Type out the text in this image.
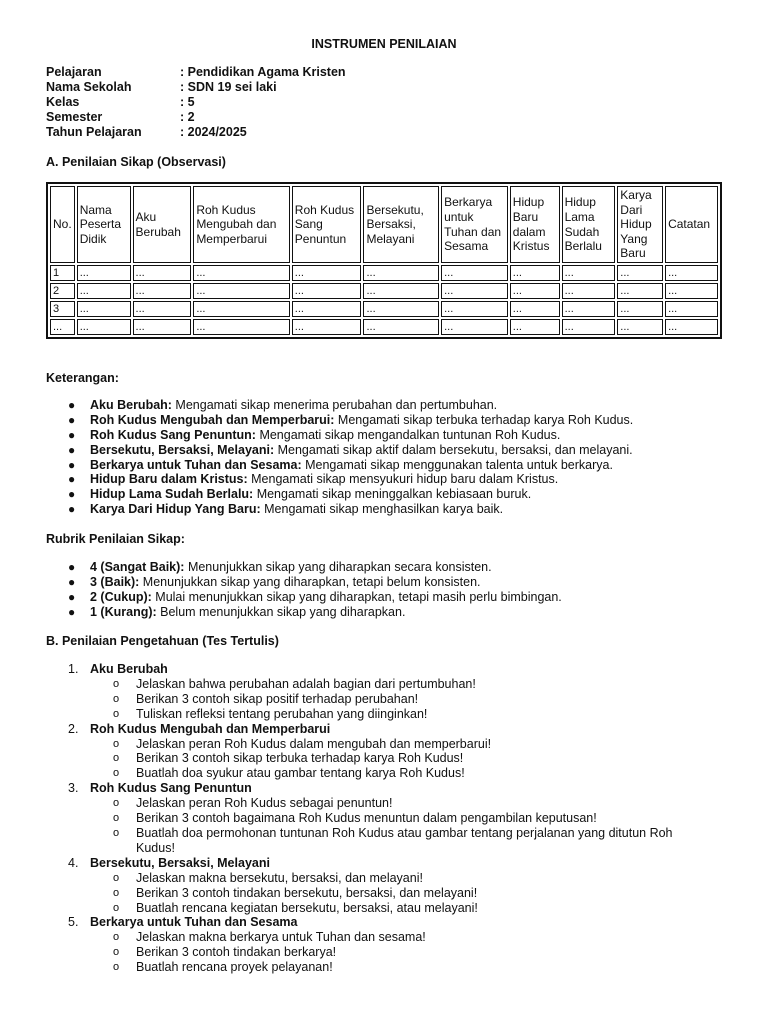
INSTRUMEN PENILAIAN
Pelajaran	: Pendidikan Agama Kristen
Nama Sekolah	: SDN 19 sei laki
Kelas	: 5
Semester	: 2
Tahun Pelajaran	: 2024/2025
A. Penilaian Sikap (Observasi)
No.	Nama Peserta Didik	Aku Berubah	Roh Kudus Mengubah dan Memperbarui	Roh Kudus Sang Penuntun	Bersekutu, Bersaksi, Melayani	Berkarya untuk Tuhan dan Sesama	Hidup Baru dalam Kristus	Hidup Lama Sudah Berlalu	Karya Dari Hidup Yang Baru	Catatan
1	...	...	...	...	...	...	...	...	...	...
2	...	...	...	...	...	...	...	...	...	...
3	...	...	...	...	...	...	...	...	...	...
...	...	...	...	...	...	...	...	...	...	...
Keterangan:
● Aku Berubah: Mengamati sikap menerima perubahan dan pertumbuhan.
● Roh Kudus Mengubah dan Memperbarui: Mengamati sikap terbuka terhadap karya Roh Kudus.
● Roh Kudus Sang Penuntun: Mengamati sikap mengandalkan tuntunan Roh Kudus.
● Bersekutu, Bersaksi, Melayani: Mengamati sikap aktif dalam bersekutu, bersaksi, dan melayani.
● Berkarya untuk Tuhan dan Sesama: Mengamati sikap menggunakan talenta untuk berkarya.
● Hidup Baru dalam Kristus: Mengamati sikap mensyukuri hidup baru dalam Kristus.
● Hidup Lama Sudah Berlalu: Mengamati sikap meninggalkan kebiasaan buruk.
● Karya Dari Hidup Yang Baru: Mengamati sikap menghasilkan karya baik.
Rubrik Penilaian Sikap:
● 4 (Sangat Baik): Menunjukkan sikap yang diharapkan secara konsisten.
● 3 (Baik): Menunjukkan sikap yang diharapkan, tetapi belum konsisten.
● 2 (Cukup): Mulai menunjukkan sikap yang diharapkan, tetapi masih perlu bimbingan.
● 1 (Kurang): Belum menunjukkan sikap yang diharapkan.
B. Penilaian Pengetahuan (Tes Tertulis)
1. Aku Berubah
o Jelaskan bahwa perubahan adalah bagian dari pertumbuhan!
o Berikan 3 contoh sikap positif terhadap perubahan!
o Tuliskan refleksi tentang perubahan yang diinginkan!
2. Roh Kudus Mengubah dan Memperbarui
o Jelaskan peran Roh Kudus dalam mengubah dan memperbarui!
o Berikan 3 contoh sikap terbuka terhadap karya Roh Kudus!
o Buatlah doa syukur atau gambar tentang karya Roh Kudus!
3. Roh Kudus Sang Penuntun
o Jelaskan peran Roh Kudus sebagai penuntun!
o Berikan 3 contoh bagaimana Roh Kudus menuntun dalam pengambilan keputusan!
o Buatlah doa permohonan tuntunan Roh Kudus atau gambar tentang perjalanan yang ditutun Roh Kudus!
4. Bersekutu, Bersaksi, Melayani
o Jelaskan makna bersekutu, bersaksi, dan melayani!
o Berikan 3 contoh tindakan bersekutu, bersaksi, dan melayani!
o Buatlah rencana kegiatan bersekutu, bersaksi, atau melayani!
5. Berkarya untuk Tuhan dan Sesama
o Jelaskan makna berkarya untuk Tuhan dan sesama!
o Berikan 3 contoh tindakan berkarya!
o Buatlah rencana proyek pelayanan!
